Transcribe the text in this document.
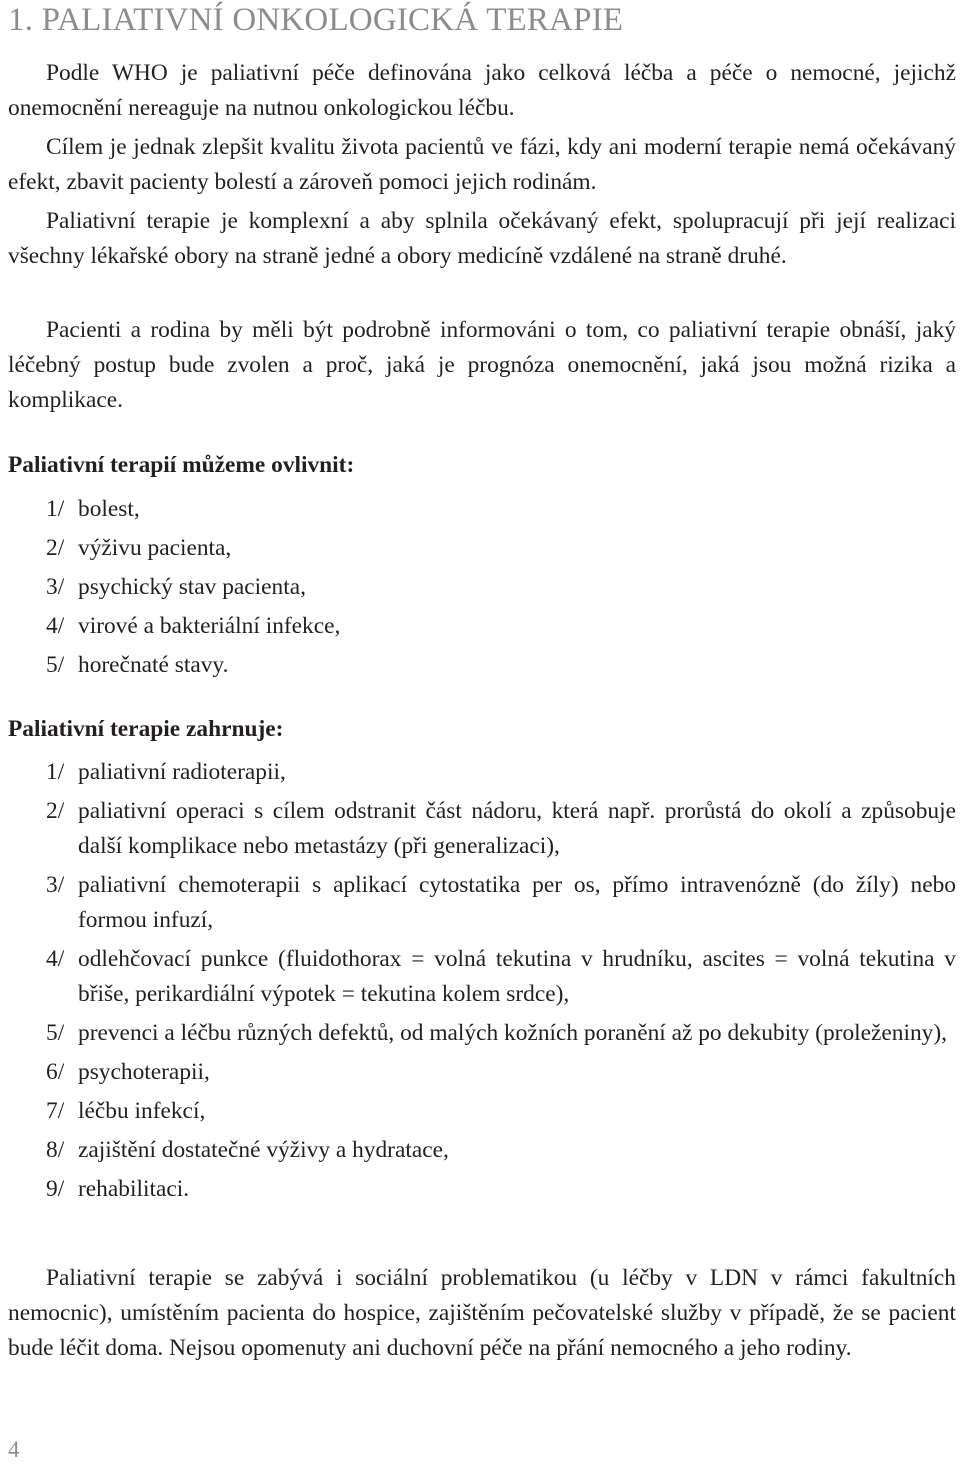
1. PALIATIVNÍ ONKOLOGICKÁ TERAPIE

Podle WHO je paliativní péče definována jako celková léčba a péče o nemocné, jejichž onemocnění nereaguje na nutnou onkologickou léčbu.

Cílem je jednak zlepšit kvalitu života pacientů ve fázi, kdy ani moderní terapie nemá očekávaný efekt, zbavit pacienty bolestí a zároveň pomoci jejich rodinám.

Paliativní terapie je komplexní a aby splnila očekávaný efekt, spolupracují při její realizaci všechny lékařské obory na straně jedné a obory medicíně vzdálené na straně druhé.

Pacienti a rodina by měli být podrobně informováni o tom, co paliativní terapie obnáší, jaký léčebný postup bude zvolen a proč, jaká je prognóza onemocnění, jaká jsou možná rizika a komplikace.

Paliativní terapií můžeme ovlivnit:
1/ bolest,
2/ výživu pacienta,
3/ psychický stav pacienta,
4/ virové a bakteriální infekce,
5/ horečnaté stavy.
Paliativní terapie zahrnuje:
1/ paliativní radioterapii,
2/ paliativní operaci s cílem odstranit část nádoru, která např. prorůstá do okolí a způsobuje další komplikace nebo metastázy (při generalizaci),
3/ paliativní chemoterapii s aplikací cytostatika per os, přímo intravenózně (do žíly) nebo formou infuzí,
4/ odlehčovací punkce (fluidothorax = volná tekutina v hrudníku, ascites = volná tekutina v břiše, perikardiální výpotek = tekutina kolem srdce),
5/ prevenci a léčbu různých defektů, od malých kožních poranění až po dekubity (proleženiny),
6/ psychoterapii,
7/ léčbu infekcí,
8/ zajištění dostatečné výživy a hydratace,
9/ rehabilitaci.

Paliativní terapie se zabývá i sociální problematikou (u léčby v LDN v rámci fakultních nemocnic), umístěním pacienta do hospice, zajištěním pečovatelské služby v případě, že se pacient bude léčit doma. Nejsou opomenuty ani duchovní péče na přání nemocného a jeho rodiny.

4
